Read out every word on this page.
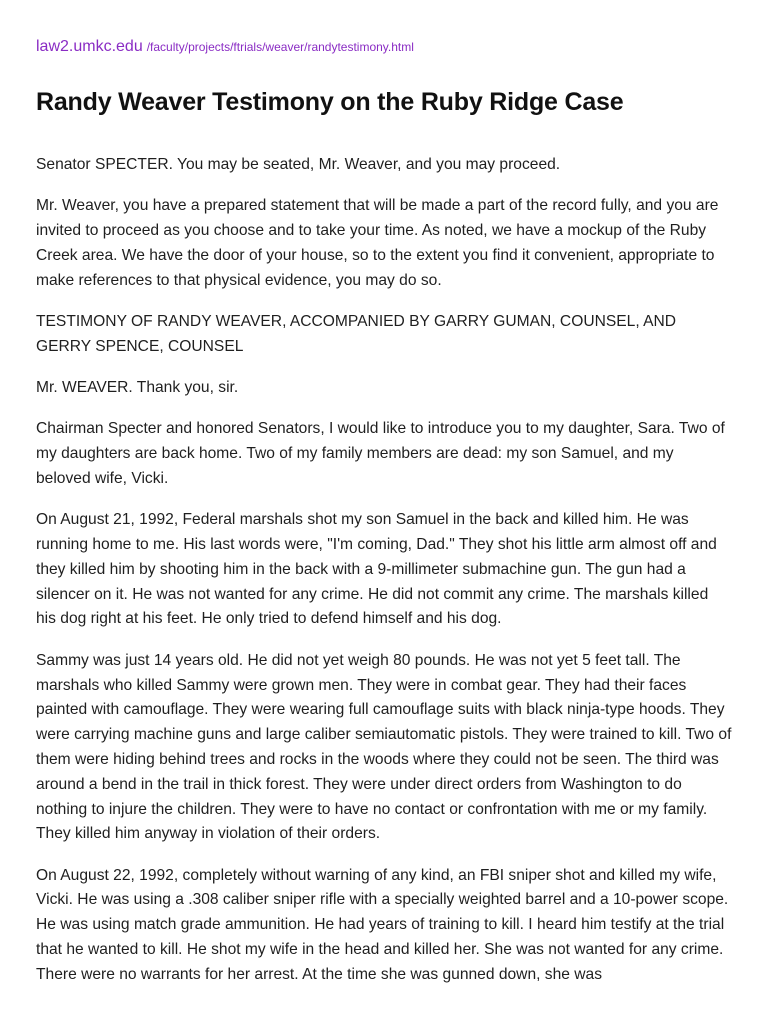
law2.umkc.edu /faculty/projects/ftrials/weaver/randytestimony.html
Randy Weaver Testimony on the Ruby Ridge Case

Senator SPECTER. You may be seated, Mr. Weaver, and you may proceed.

Mr. Weaver, you have a prepared statement that will be made a part of the record fully, and you are invited to proceed as you choose and to take your time. As noted, we have a mockup of the Ruby Creek area. We have the door of your house, so to the extent you find it convenient, appropriate to make references to that physical evidence, you may do so.

TESTIMONY OF RANDY WEAVER, ACCOMPANIED BY GARRY GUMAN, COUNSEL, AND GERRY SPENCE, COUNSEL

Mr. WEAVER. Thank you, sir.

Chairman Specter and honored Senators, I would like to introduce you to my daughter, Sara. Two of my daughters are back home. Two of my family members are dead: my son Samuel, and my beloved wife, Vicki.

On August 21, 1992, Federal marshals shot my son Samuel in the back and killed him. He was running home to me. His last words were, "I'm coming, Dad." They shot his little arm almost off and they killed him by shooting him in the back with a 9-millimeter submachine gun. The gun had a silencer on it. He was not wanted for any crime. He did not commit any crime. The marshals killed his dog right at his feet. He only tried to defend himself and his dog.

Sammy was just 14 years old. He did not yet weigh 80 pounds. He was not yet 5 feet tall. The marshals who killed Sammy were grown men. They were in combat gear. They had their faces painted with camouflage. They were wearing full camouflage suits with black ninja-type hoods. They were carrying machine guns and large caliber semiautomatic pistols. They were trained to kill. Two of them were hiding behind trees and rocks in the woods where they could not be seen. The third was around a bend in the trail in thick forest. They were under direct orders from Washington to do nothing to injure the children. They were to have no contact or confrontation with me or my family. They killed him anyway in violation of their orders.

On August 22, 1992, completely without warning of any kind, an FBI sniper shot and killed my wife, Vicki. He was using a .308 caliber sniper rifle with a specially weighted barrel and a 10-power scope. He was using match grade ammunition. He had years of training to kill. I heard him testify at the trial that he wanted to kill. He shot my wife in the head and killed her. She was not wanted for any crime. There were no warrants for her arrest. At the time she was gunned down, she was
